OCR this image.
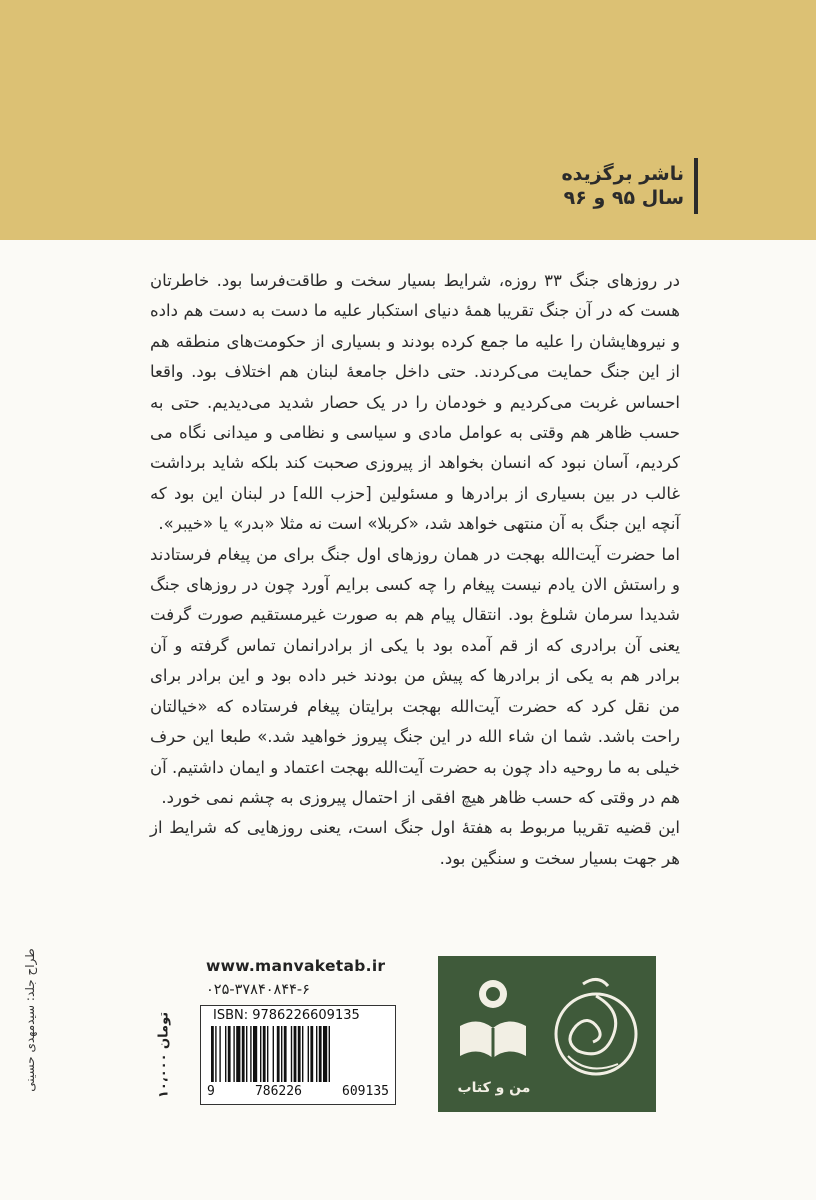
ناشر برگزیده
سال ۹۵ و ۹۶

در روزهای جنگ ۳۳ روزه، شرایط بسیار سخت و طاقت‌فرسا بود. خاطرتان هست که در آن جنگ تقریبا همهٔ دنیای استکبار علیه ما دست به دست هم داده و نیروهایشان را علیه ما جمع کرده بودند و بسیاری از حکومت‌های منطقه هم از این جنگ حمایت می‌کردند. حتی داخل جامعهٔ لبنان هم اختلاف بود. واقعا احساس غربت می‌کردیم و خودمان را در یک حصار شدید می‌دیدیم. حتی به حسب ظاهر هم وقتی به عوامل مادی و سیاسی و نظامی و میدانی نگاه می کردیم، آسان نبود که انسان بخواهد از پیروزی صحبت کند بلکه شاید برداشت غالب در بین بسیاری از برادرها و مسئولین [حزب الله] در لبنان این بود که آنچه این جنگ به آن منتهی خواهد شد، «کربلا» است نه مثلا «بدر» یا «خیبر».

اما حضرت آیت‌الله بهجت در همان روزهای اول جنگ برای من پیغام فرستادند و راستش الان یادم نیست پیغام را چه کسی برایم آورد چون در روزهای جنگ شدیدا سرمان شلوغ بود. انتقال پیام هم به صورت غیرمستقیم صورت گرفت یعنی آن برادری که از قم آمده بود با یکی از برادرانمان تماس گرفته و آن برادر هم به یکی از برادرها که پیش من بودند خبر داده بود و این برادر برای من نقل کرد که حضرت آیت‌الله بهجت برایتان پیغام فرستاده که «خیالتان راحت باشد. شما ان شاء الله در این جنگ پیروز خواهید شد.» طبعا این حرف خیلی به ما روحیه داد چون به حضرت آیت‌الله بهجت اعتماد و ایمان داشتیم. آن هم در وقتی که حسب ظاهر هیچ افقی از احتمال پیروزی به چشم نمی خورد.

این قضیه تقریبا مربوط به هفتهٔ اول جنگ است، یعنی روزهایی که شرایط از هر جهت بسیار سخت و سنگین بود.

طراح جلد: سیدمهدی حسینی	www.manvaketab.ir
۰۲۵-۳۷۸۴۰۸۴۴-۶
۱۰،۰۰۰ تومان	ISBN: 9786226609135
9	786226	609135	من و کتاب
